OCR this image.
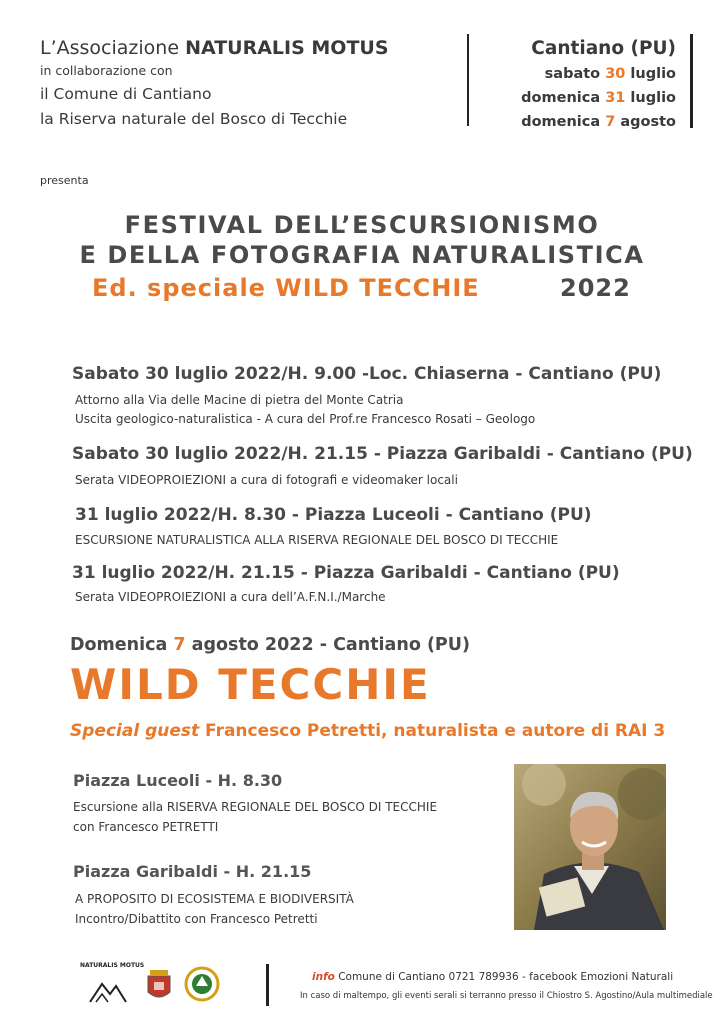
L’Associazione NATURALIS MOTUS
in collaborazione con
il Comune di Cantiano
la Riserva naturale del Bosco di Tecchie
Cantiano (PU)
sabato 30 luglio
domenica 31 luglio
domenica 7 agosto
presenta
FESTIVAL DELL’ESCURSIONISMO
E DELLA FOTOGRAFIA NATURALISTICA
Ed. speciale WILD TECCHIE	2022
Sabato 30 luglio 2022/H. 9.00 -Loc. Chiaserna - Cantiano (PU)
Attorno alla Via delle Macine di pietra del Monte Catria
Uscita geologico-naturalistica - A cura del Prof.re Francesco Rosati – Geologo
Sabato 30 luglio 2022/H. 21.15 - Piazza Garibaldi - Cantiano (PU)
Serata VIDEOPROIEZIONI a cura di fotografi e videomaker locali
31 luglio 2022/H. 8.30 - Piazza Luceoli - Cantiano (PU)
ESCURSIONE NATURALISTICA ALLA RISERVA REGIONALE DEL BOSCO DI TECCHIE
31 luglio 2022/H. 21.15 - Piazza Garibaldi - Cantiano (PU)
Serata VIDEOPROIEZIONI a cura dell’A.F.N.I./Marche
Domenica 7 agosto 2022 - Cantiano (PU)
WILD TECCHIE
Special guest Francesco Petretti, naturalista e autore di RAI 3
Piazza Luceoli - H. 8.30
Escursione alla RISERVA REGIONALE DEL BOSCO DI TECCHIE
con Francesco PETRETTI
Piazza Garibaldi - H. 21.15
A PROPOSITO DI ECOSISTEMA E BIODIVERSITÀ
Incontro/Dibattito con Francesco Petretti
NATURALIS MOTUS
info Comune di Cantiano 0721 789936 - facebook Emozioni Naturali
In caso di maltempo, gli eventi serali si terranno presso il Chiostro S. Agostino/Aula multimediale
